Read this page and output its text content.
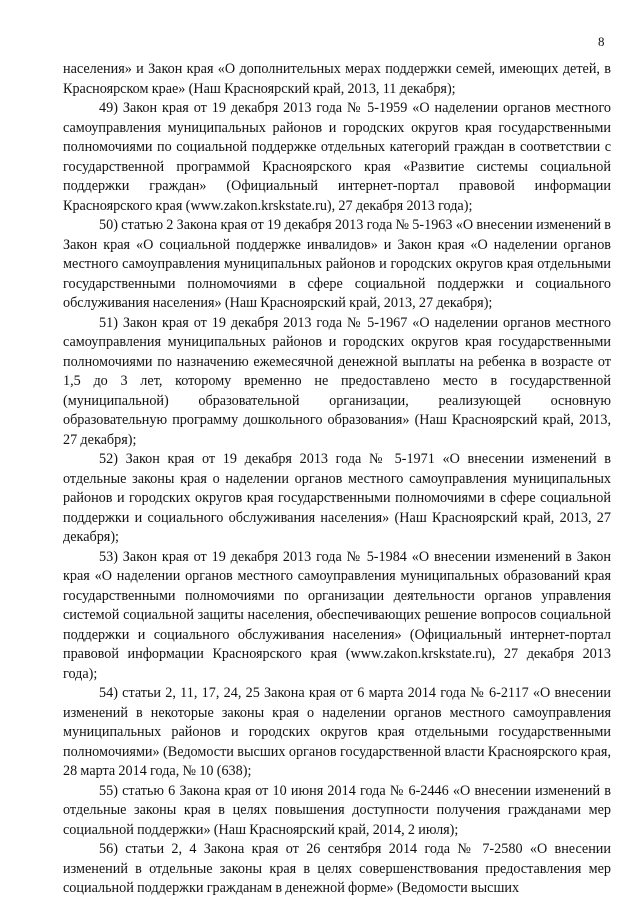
8

населения» и Закон края «О дополнительных мерах поддержки семей, имеющих детей, в Красноярском крае» (Наш Красноярский край, 2013, 11 декабря);

49) Закон края от 19 декабря 2013 года № 5-1959 «О наделении органов местного самоуправления муниципальных районов и городских округов края государственными полномочиями по социальной поддержке отдельных категорий граждан в соответствии с государственной программой Красноярского края «Развитие системы социальной поддержки граждан» (Официальный интернет-портал правовой информации Красноярского края (www.zakon.krskstate.ru), 27 декабря 2013 года);

50) статью 2 Закона края от 19 декабря 2013 года № 5-1963 «О внесении изменений в Закон края «О социальной поддержке инвалидов» и Закон края «О наделении органов местного самоуправления муниципальных районов и городских округов края отдельными государственными полномочиями в сфере социальной поддержки и социального обслуживания населения» (Наш Красноярский край, 2013, 27 декабря);

51) Закон края от 19 декабря 2013 года № 5-1967 «О наделении органов местного самоуправления муниципальных районов и городских округов края государственными полномочиями по назначению ежемесячной денежной выплаты на ребенка в возрасте от 1,5 до 3 лет, которому временно не предоставлено место в государственной (муниципальной) образовательной организации, реализующей основную образовательную программу дошкольного образования» (Наш Красноярский край, 2013, 27 декабря);

52) Закон края от 19 декабря 2013 года № 5-1971 «О внесении изменений в отдельные законы края о наделении органов местного самоуправления муниципальных районов и городских округов края государственными полномочиями в сфере социальной поддержки и социального обслуживания населения» (Наш Красноярский край, 2013, 27 декабря);

53) Закон края от 19 декабря 2013 года № 5-1984 «О внесении изменений в Закон края «О наделении органов местного самоуправления муниципальных образований края государственными полномочиями по организации деятельности органов управления системой социальной защиты населения, обеспечивающих решение вопросов социальной поддержки и социального обслуживания населения» (Официальный интернет-портал правовой информации Красноярского края (www.zakon.krskstate.ru), 27 декабря 2013 года);

54) статьи 2, 11, 17, 24, 25 Закона края от 6 марта 2014 года № 6-2117 «О внесении изменений в некоторые законы края о наделении органов местного самоуправления муниципальных районов и городских округов края отдельными государственными полномочиями» (Ведомости высших органов государственной власти Красноярского края, 28 марта 2014 года, № 10 (638);

55) статью 6 Закона края от 10 июня 2014 года № 6-2446 «О внесении изменений в отдельные законы края в целях повышения доступности получения гражданами мер социальной поддержки» (Наш Красноярский край, 2014, 2 июля);

56) статьи 2, 4 Закона края от 26 сентября 2014 года № 7-2580 «О внесении изменений в отдельные законы края в целях совершенствования предоставления мер социальной поддержки гражданам в денежной форме» (Ведомости высших
